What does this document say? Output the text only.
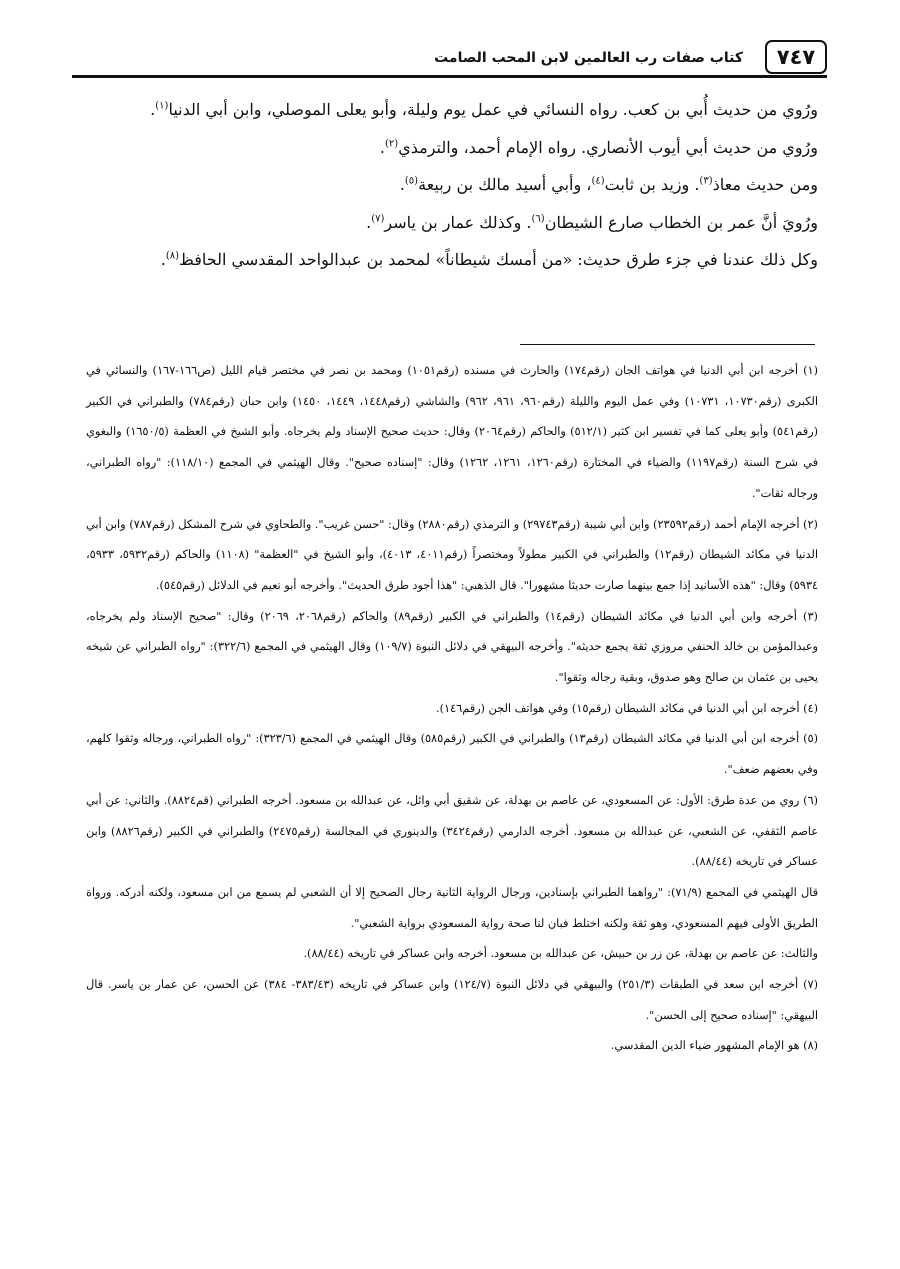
٧٤٧
كتاب صفات رب العالمين لابن المحب الصامت

ورُوي من حديث أُبي بن كعب. رواه النسائي في عمل يوم وليلة، وأبو يعلى الموصلي، وابن أبي الدنيا$^{(١)}$.

ورُوي من حديث أبي أيوب الأنصاري. رواه الإمام أحمد، والترمذي$^{(٢)}$.

ومن حديث معاذ$^{(٣)}$. وزيد بن ثابت$^{(٤)}$، وأبي أسيد مالك بن ربيعة$^{(٥)}$.

ورُويَ أنَّ عمر بن الخطاب صارع الشيطان$^{(٦)}$. وكذلك عمار بن ياسر$^{(٧)}$.

وكل ذلك عندنا في جزء طرق حديث: «من أمسك شيطاناً» لمحمد بن عبدالواحد المقدسي الحافظ$^{(٨)}$.

(١) أخرجه ابن أبي الدنيا في هواتف الجان (رقم١٧٤) والحارث في مسنده (رقم١٠٥١) ومحمد بن نصر في مختصر قيام الليل (ص١٦٦-١٦٧) والنسائي في الكبرى (رقم١٠٧٣٠، ١٠٧٣١) وفي عمل اليوم والليلة (رقم٩٦٠، ٩٦١، ٩٦٢) والشاشي (رقم١٤٤٨، ١٤٤٩، ١٤٥٠) وابن حبان (رقم٧٨٤) والطبراني في الكبير (رقم٥٤١) وأبو يعلى كما في تفسير ابن كثير (٥١٢/١) والحاكم (رقم٢٠٦٤) وقال: حديث صحيح الإسناد ولم يخرجاه. وأبو الشيخ في العظمة (١٦٥٠/٥) والبغوي في شرح السنة (رقم١١٩٧) والضياء في المختارة (رقم١٢٦٠، ١٢٦١، ١٢٦٢) وقال: "إسناده صحيح". وقال الهيثمي في المجمع (١١٨/١٠): "رواه الطبراني، ورجاله ثقات".

(٢) أخرجه الإمام أحمد (رقم٢٣٥٩٢) وابن أبي شيبة (رقم٢٩٧٤٣) و الترمذي (رقم٢٨٨٠) وقال: "حسن غريب". والطحاوي في شرح المشكل (رقم٧٨٧) وابن أبي الدنيا في مكائد الشيطان (رقم١٢) والطبراني في الكبير مطولاً ومختصراً (رقم٤٠١١، ٤٠١٣)، وأبو الشيخ في "العظمة" (١١٠٨) والحاكم (رقم٥٩٣٢، ٥٩٣٣، ٥٩٣٤) وقال: "هذه الأسانيد إذا جمع بينهما صارت حديثا مشهورا". قال الذهبي: "هذا أجود طرق الحديث". وأخرجه أبو نعيم في الدلائل (رقم٥٤٥).

(٣) أخرجه وابن أبي الدنيا في مكائد الشيطان (رقم١٤) والطبراني في الكبير (رقم٨٩) والحاكم (رقم٢٠٦٨، ٢٠٦٩) وقال: "صحيح الإسناد ولم يخرجاه، وعبدالمؤمن بن خالد الحنفي مروزي ثقة يجمع حديثه". وأخرجه البيهقي في دلائل النبوة (١٠٩/٧) وقال الهيثمي في المجمع (٣٢٢/٦): "رواه الطبراني عن شيخه يحيى بن عثمان بن صالح وهو صدوق، وبقية رجاله وثقوا".

(٤) أخرجه ابن أبي الدنيا في مكائد الشيطان (رقم١٥) وفي هواتف الجن (رقم١٤٦).

(٥) أخرجه ابن أبي الدنيا في مكائد الشيطان (رقم١٣) والطبراني في الكبير (رقم٥٨٥) وقال الهيثمي في المجمع (٣٢٣/٦): "رواه الطبراني، ورجاله وثقوا كلهم، وفي بعضهم ضعف".

(٦) روي من عدة طرق: الأول: عن المسعودي، عن عاصم بن بهدلة، عن شقيق أبي وائل، عن عبدالله بن مسعود. أخرجه الطبراني (قم٨٨٢٤). والثاني: عن أبي عاصم الثقفي، عن الشعبي، عن عبدالله بن مسعود. أخرجه الدارمي (رقم٣٤٢٤) والدينوري في المجالسة (رقم٢٤٧٥) والطبراني في الكبير (رقم٨٨٢٦) وابن عساكر في تاريخه (٨٨/٤٤).

قال الهيثمي في المجمع (٧١/٩): "رواهما الطبراني بإسنادين، ورجال الرواية الثانية رجال الصحيح إلا أن الشعبي لم يسمع من ابن مسعود، ولكنه أدركه. ورواة الطريق الأولى فيهم المسعودي، وهو ثقة ولكنه اختلط فبان لنا صحة رواية المسعودي برواية الشعبي".

والثالث: عن عاصم بن بهدلة، عن زر بن حبيش، عن عبدالله بن مسعود. أخرجه وابن عساكر في تاريخه (٨٨/٤٤).

(٧) أخرجه ابن سعد في الطبقات (٢٥١/٣) والبيهقي في دلائل النبوة (١٢٤/٧) وابن عساكر في تاريخه (٣٨٣/٤٣- ٣٨٤) عن الحسن، عن عمار بن ياسر. قال البيهقي: "إسناده صحيح إلى الحسن".

(٨) هو الإمام المشهور ضياء الدين المقدسي.
